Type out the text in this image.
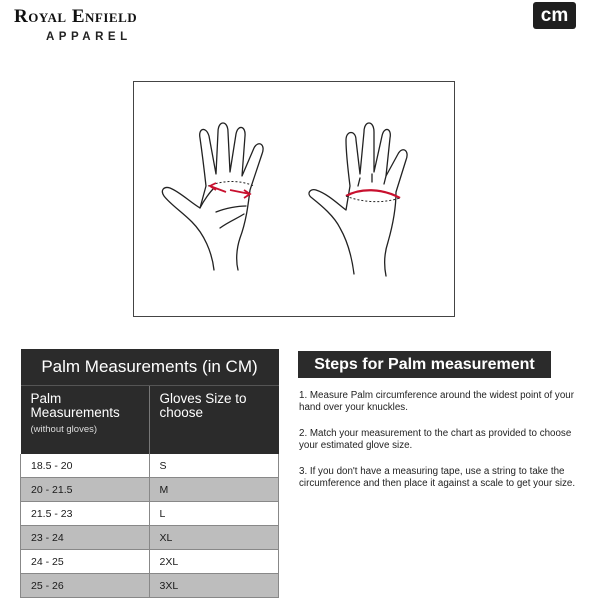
Royal Enfield
APPAREL
cm
Palm Measurements (in CM)	
Palm Measurements
(without gloves)	Gloves Size to choose
18.5 - 20	S
20 - 21.5	M
21.5 - 23	L
23 - 24	XL
24 - 25	2XL
25 - 26	3XL
Steps for Palm measurement
1. Measure Palm circumference around the widest point of your hand over your knuckles.
2. Match your measurement to the chart as provided to choose your estimated glove size.
3. If you don't have a measuring tape, use a string to take the circumference and then place it against a scale to get your size.
